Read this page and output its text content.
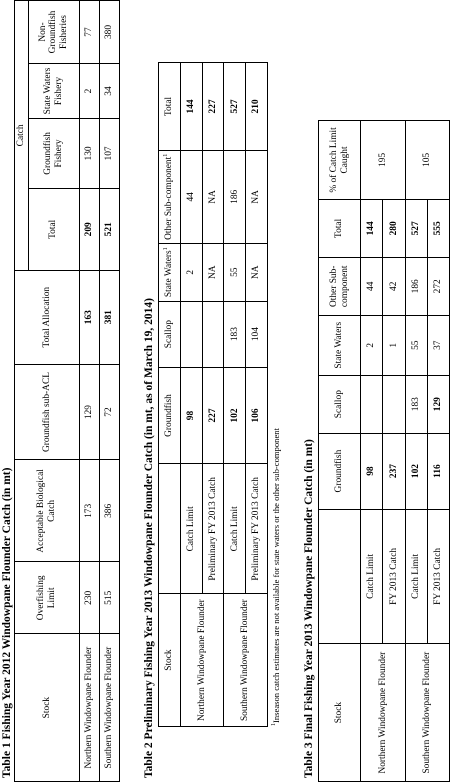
Table 1 Fishing Year 2012 Windowpane Flounder Catch (in mt)	Stock	Overfishing Limit	Acceptable Biological Catch	Groundfish sub-ACL	Total Allocation	Catch			
					Total	Groundfish Fishery	State Waters Fishery	Non-Groundfish Fisheries
Northern Windowpane Flounder	230	173	129	163	209	130	2	77
Southern Windowpane Flounder	515	386	72	381	521	107	34	380
Table 2 Preliminary Fishing Year 2013 Windowpane Flounder Catch (in mt, as of March 19, 2014) Stock		Groundfish	Scallop	State Waters$^1$	Other Sub-component$^1$	Total
Northern Windowpane Flounder	Catch Limit	98		2	44	144
	Preliminary FY 2013 Catch	227		NA	NA	227
Southern Windowpane Flounder	Catch Limit	102	183	55	186	527
	Preliminary FY 2013 Catch	106	104	NA	NA	210
$^1$Inseason catch estimates are not available for state waters or the other sub-component Table 3 Final Fishing Year 2013 Windowpane Flounder Catch (in mt) Stock		Groundfish	Scallop	State Waters	Other Sub-component	Total	% of Catch Limit Caught
Northern Windowpane Flounder	Catch Limit	98		2	44	144	195
	FY 2013 Catch	237		1	42	280	
Southern Windowpane Flounder	Catch Limit	102	183	55	186	527	105
	FY 2013 Catch	116	129	37	272	555	
